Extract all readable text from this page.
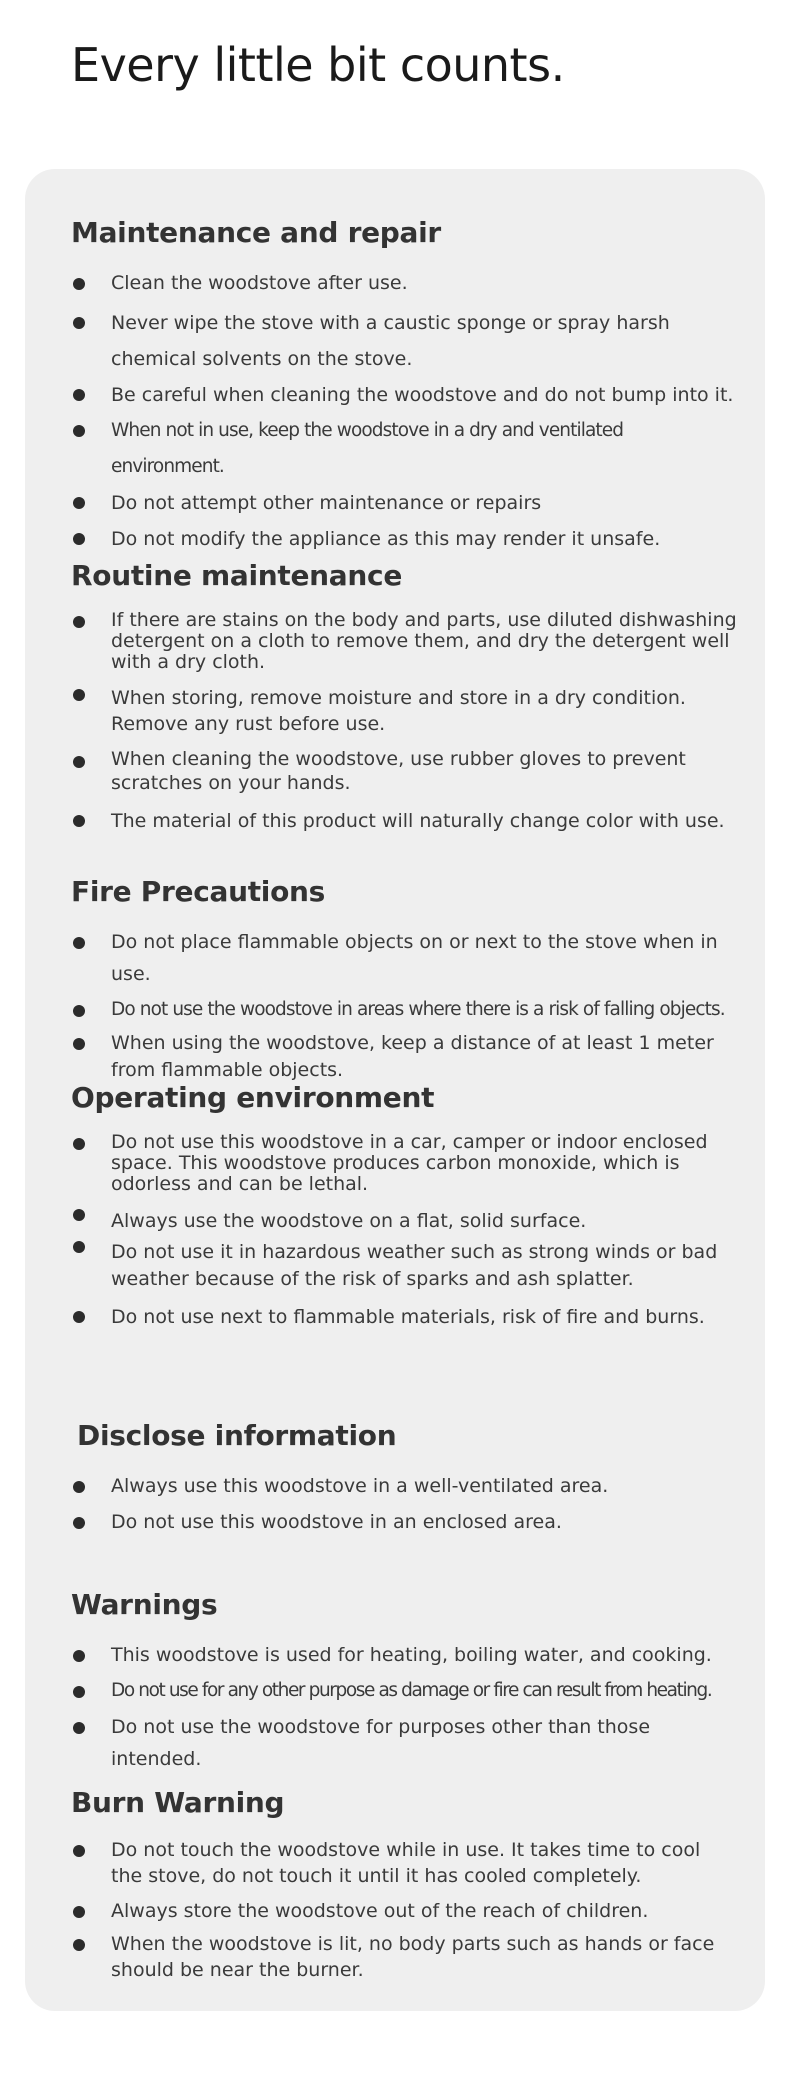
Every little bit counts.
Maintenance and repair
Clean the woodstove after use.
Never wipe the stove with a caustic sponge or spray harsh chemical solvents on the stove.
Be careful when cleaning the woodstove and do not bump into it.
When not in use, keep the woodstove in a dry and ventilated environment.
Do not attempt other maintenance or repairs
Do not modify the appliance as this may render it unsafe.
Routine maintenance
If there are stains on the body and parts, use diluted dishwashing detergent on a cloth to remove them, and dry the detergent well with a dry cloth.
When storing, remove moisture and store in a dry condition. Remove any rust before use.
When cleaning the woodstove, use rubber gloves to prevent scratches on your hands.
The material of this product will naturally change color with use.
Fire Precautions
Do not place flammable objects on or next to the stove when in use.
Do not use the woodstove in areas where there is a risk of falling objects.
When using the woodstove, keep a distance of at least 1 meter from flammable objects.
Operating environment
Do not use this woodstove in a car, camper or indoor enclosed space. This woodstove produces carbon monoxide, which is odorless and can be lethal.
Always use the woodstove on a flat, solid surface.
Do not use it in hazardous weather such as strong winds or bad weather because of the risk of sparks and ash splatter.
Do not use next to flammable materials, risk of fire and burns.
Disclose information
Always use this woodstove in a well-ventilated area.
Do not use this woodstove in an enclosed area.
Warnings
This woodstove is used for heating, boiling water, and cooking.
Do not use for any other purpose as damage or fire can result from heating.
Do not use the woodstove for purposes other than those intended.
Burn Warning
Do not touch the woodstove while in use. It takes time to cool the stove, do not touch it until it has cooled completely.
Always store the woodstove out of the reach of children.
When the woodstove is lit, no body parts such as hands or face should be near the burner.
